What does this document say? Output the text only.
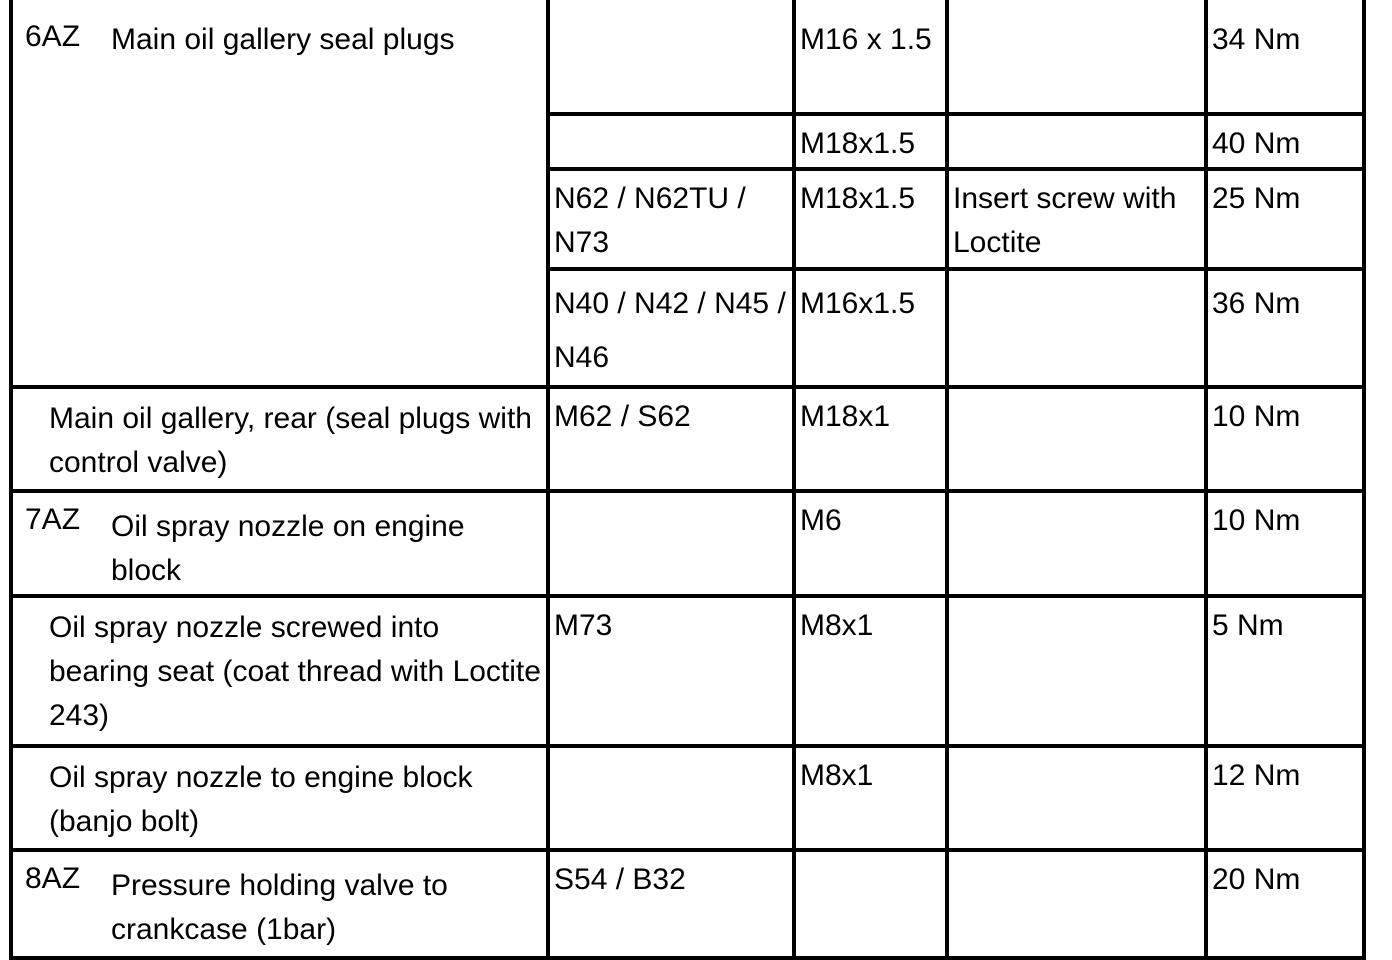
6AZ Main oil gallery seal plugs		M16 x 1.5		34 Nm
		M18x1.5		40 Nm
	N62 / N62TU / N73	M18x1.5	Insert screw with Loctite	25 Nm
	N40 / N42 / N45 / N46	M16x1.5		36 Nm

Main oil gallery, rear (seal plugs with control valve)	M62 / S62	M18x1		10 Nm
7AZ Oil spray nozzle on engine block		M6		10 Nm

Oil spray nozzle screwed into bearing seat (coat thread with Loctite 243)	M73	M8x1		5 Nm

Oil spray nozzle to engine block (banjo bolt)		M8x1		12 Nm
8AZ Pressure holding valve to crankcase (1bar)	S54 / B32			20 Nm
